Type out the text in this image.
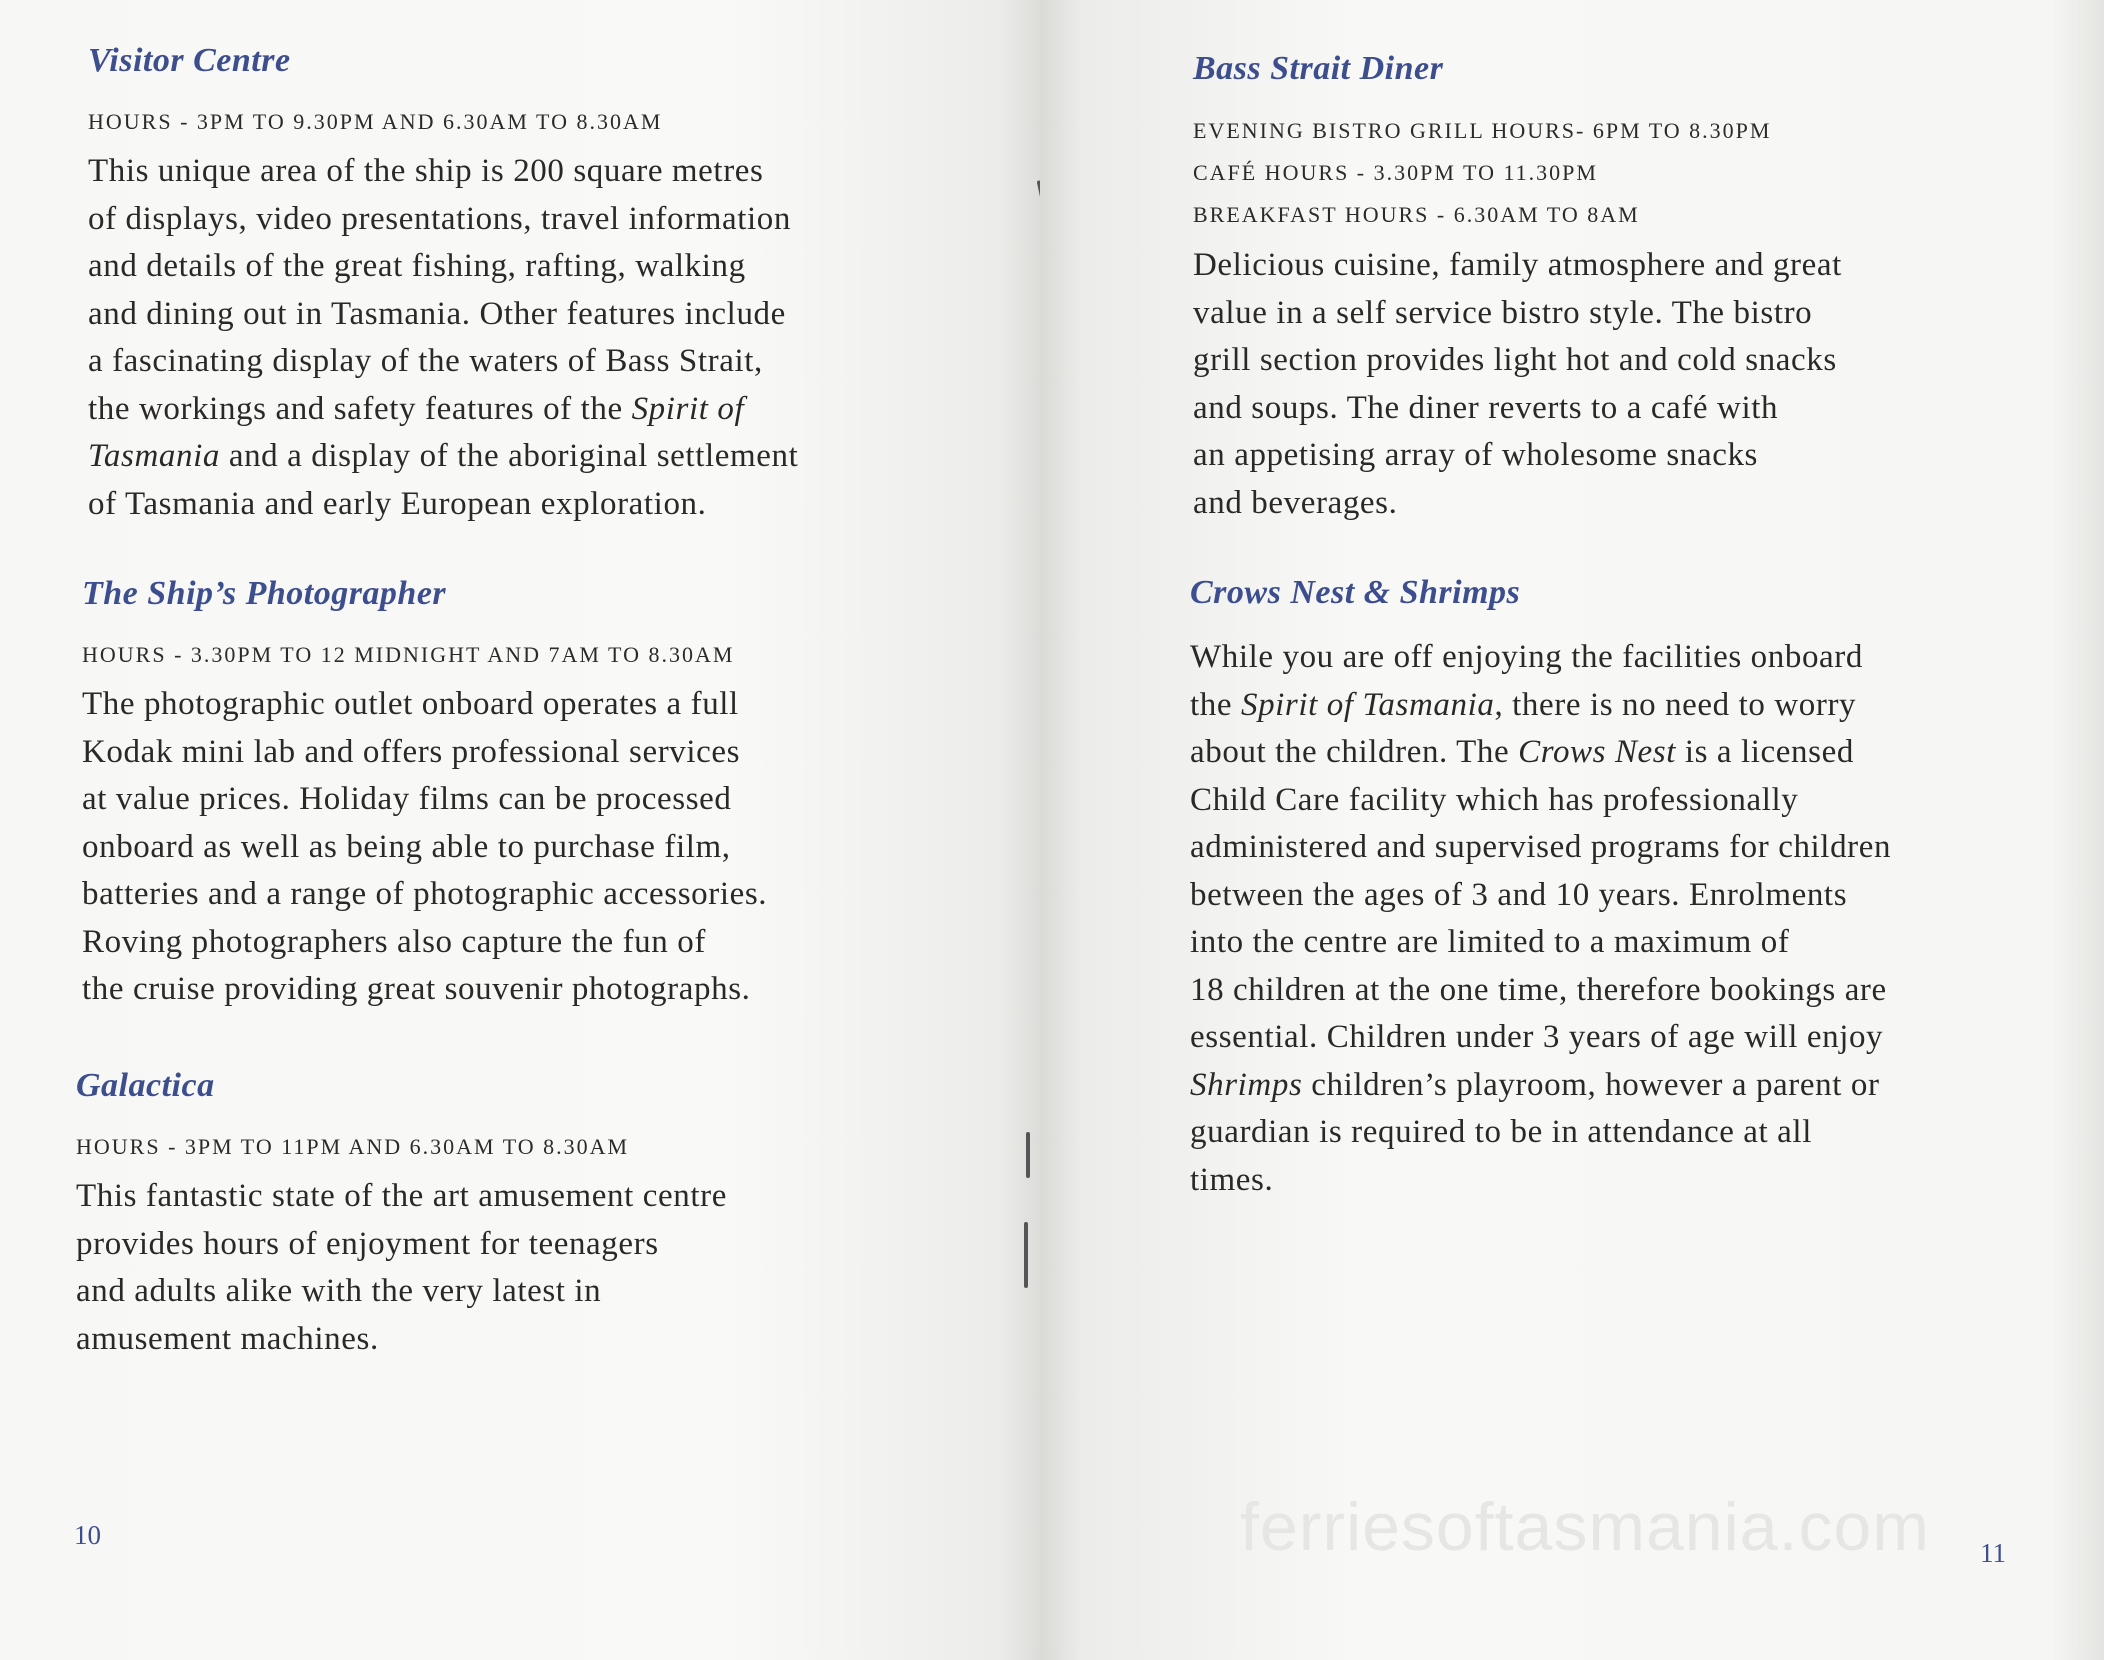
Visitor Centre
HOURS - 3PM TO 9.30PM AND 6.30AM TO 8.30AM

This unique area of the ship is 200 square metres
of displays, video presentations, travel information
and details of the great fishing, rafting, walking
and dining out in Tasmania. Other features include
a fascinating display of the waters of Bass Strait,
the workings and safety features of the Spirit of
Tasmania and a display of the aboriginal settlement
of Tasmania and early European exploration.

The Ship’s Photographer
HOURS - 3.30PM TO 12 MIDNIGHT AND 7AM TO 8.30AM

The photographic outlet onboard operates a full
Kodak mini lab and offers professional services
at value prices. Holiday films can be processed
onboard as well as being able to purchase film,
batteries and a range of photographic accessories.
Roving photographers also capture the fun of
the cruise providing great souvenir photographs.

Galactica
HOURS - 3PM TO 11PM AND 6.30AM TO 8.30AM

This fantastic state of the art amusement centre
provides hours of enjoyment for teenagers
and adults alike with the very latest in
amusement machines.

10
Bass Strait Diner
EVENING BISTRO GRILL HOURS- 6PM TO 8.30PM
CAFÉ HOURS - 3.30PM TO 11.30PM
BREAKFAST HOURS - 6.30AM TO 8AM

Delicious cuisine, family atmosphere and great
value in a self service bistro style. The bistro
grill section provides light hot and cold snacks
and soups. The diner reverts to a café with
an appetising array of wholesome snacks
and beverages.

Crows Nest & Shrimps

While you are off enjoying the facilities onboard
the Spirit of Tasmania, there is no need to worry
about the children. The Crows Nest is a licensed
Child Care facility which has professionally
administered and supervised programs for children
between the ages of 3 and 10 years. Enrolments
into the centre are limited to a maximum of
18 children at the one time, therefore bookings are
essential. Children under 3 years of age will enjoy
Shrimps children’s playroom, however a parent or
guardian is required to be in attendance at all
times.

ferriesoftasmania.com 11
